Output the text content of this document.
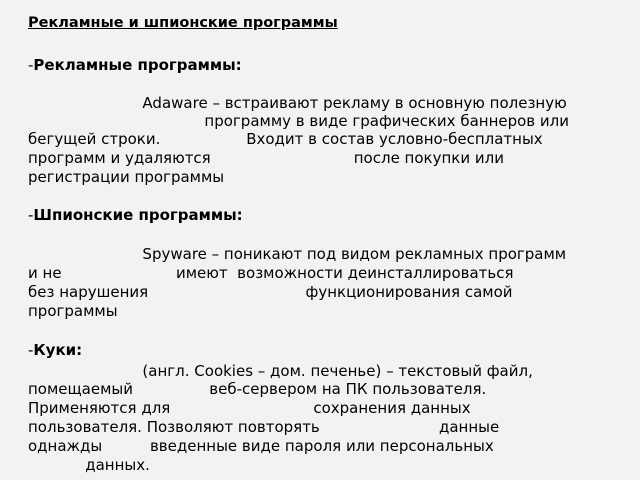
Рекламные и шпионские программы

-Рекламные программы:

Adaware – встраивают рекламу в основную полезную

программу в виде графических баннеров или

бегущей строки.                  Входит в состав условно-бесплатных

программ и удаляются                              после покупки или

регистрации программы

-Шпионские программы:

Spyware – поникают под видом рекламных программ

и не                        имеют  возможности деинсталлироваться

без нарушения                                 функционирования самой

программы

-Куки:

(англ. Cookies – дом. печенье) – текстовый файл,

помещаемый                веб-сервером на ПК пользователя.

Применяются для                              сохранения данных

пользователя. Позволяют повторять                         данные

однажды          введенные виде пароля или персональных

данных.
